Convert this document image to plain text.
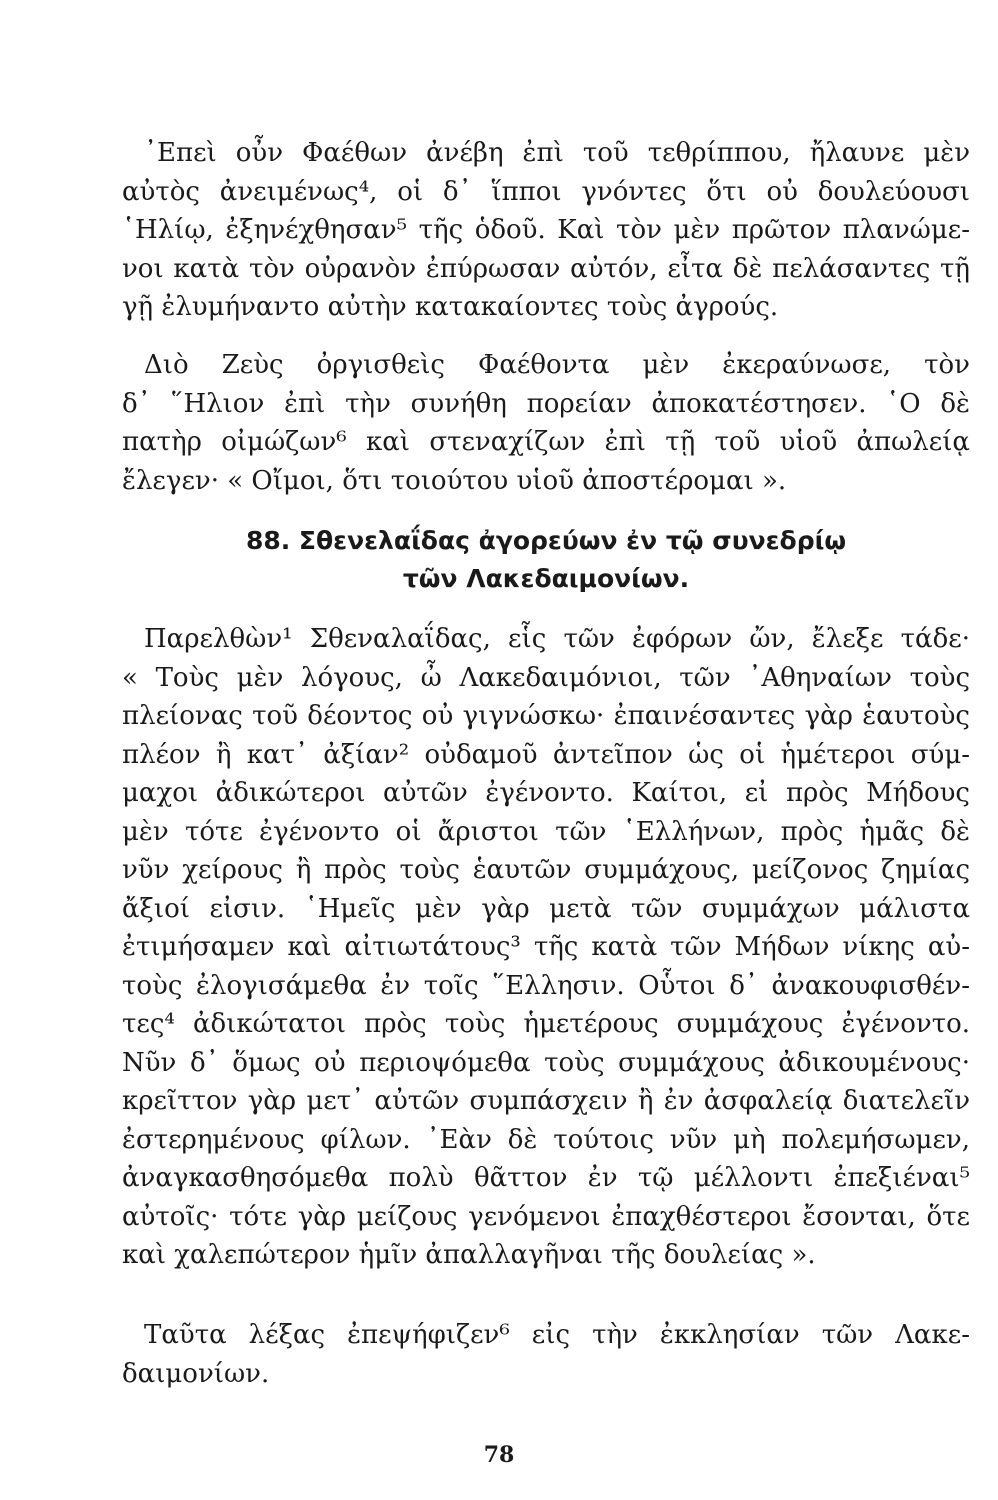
᾿Επεὶ οὖν Φαέθων ἀνέβη ἐπὶ τοῦ τεθρίππου, ἤλαυνε μὲν
αὐτὸς ἀνειμένως⁴, οἱ δ᾿ ἵπποι γνόντες ὅτι οὐ δουλεύουσι
῾Ηλίῳ, ἐξηνέχθησαν⁵ τῆς ὁδοῦ. Καὶ τὸν μὲν πρῶτον πλανώμε-
νοι κατὰ τὸν οὐρανὸν ἐπύρωσαν αὐτόν, εἶτα δὲ πελάσαντες τῇ
γῇ ἐλυμήναντο αὐτὴν κατακαίοντες τοὺς ἀγρούς.
Διὸ Ζεὺς ὀργισθεὶς Φαέθοντα μὲν ἐκεραύνωσε, τὸν
δ᾿ ῞Ηλιον ἐπὶ τὴν συνήθη πορείαν ἀποκατέστησεν. ῾Ο δὲ
πατὴρ οἰμώζων⁶ καὶ στεναχίζων ἐπὶ τῇ τοῦ υἱοῦ ἀπωλείᾳ
ἔλεγεν· « Οἴμοι, ὅτι τοιούτου υἱοῦ ἀποστέρομαι ».
88. Σθενελαΐδας ἀγορεύων ἐν τῷ συνεδρίῳ
τῶν Λακεδαιμονίων.
Παρελθὼν¹ Σθεναλαΐδας, εἷς τῶν ἐφόρων ὤν, ἔλεξε τάδε·
« Τοὺς μὲν λόγους, ὦ Λακεδαιμόνιοι, τῶν ᾿Αθηναίων τοὺς
πλείονας τοῦ δέοντος οὐ γιγνώσκω· ἐπαινέσαντες γὰρ ἑαυτοὺς
πλέον ἢ κατ᾿ ἀξίαν² οὐδαμοῦ ἀντεῖπον ὡς οἱ ἡμέτεροι σύμ-
μαχοι ἀδικώτεροι αὐτῶν ἐγένοντο. Καίτοι, εἰ πρὸς Μήδους
μὲν τότε ἐγένοντο οἱ ἄριστοι τῶν ῾Ελλήνων, πρὸς ἡμᾶς δὲ
νῦν χείρους ἢ πρὸς τοὺς ἑαυτῶν συμμάχους, μείζονος ζημίας
ἄξιοί εἰσιν. ῾Ημεῖς μὲν γὰρ μετὰ τῶν συμμάχων μάλιστα
ἐτιμήσαμεν καὶ αἰτιωτάτους³ τῆς κατὰ τῶν Μήδων νίκης αὐ-
τοὺς ἐλογισάμεθα ἐν τοῖς ῞Ελλησιν. Οὗτοι δ᾿ ἀνακουφισθέν-
τες⁴ ἀδικώτατοι πρὸς τοὺς ἡμετέρους συμμάχους ἐγένοντο.
Νῦν δ᾿ ὅμως οὐ περιοψόμεθα τοὺς συμμάχους ἀδικουμένους·
κρεῖττον γὰρ μετ᾿ αὐτῶν συμπάσχειν ἢ ἐν ἀσφαλείᾳ διατελεῖν
ἐστερημένους φίλων. ᾿Εὰν δὲ τούτοις νῦν μὴ πολεμήσωμεν,
ἀναγκασθησόμεθα πολὺ θᾶττον ἐν τῷ μέλλοντι ἐπεξιέναι⁵
αὐτοῖς· τότε γὰρ μείζους γενόμενοι ἐπαχθέστεροι ἔσονται, ὅτε
καὶ χαλεπώτερον ἡμῖν ἀπαλλαγῆναι τῆς δουλείας ».
Ταῦτα λέξας ἐπεψήφιζεν⁶ εἰς τὴν ἐκκλησίαν τῶν Λακε-
δαιμονίων.
78
